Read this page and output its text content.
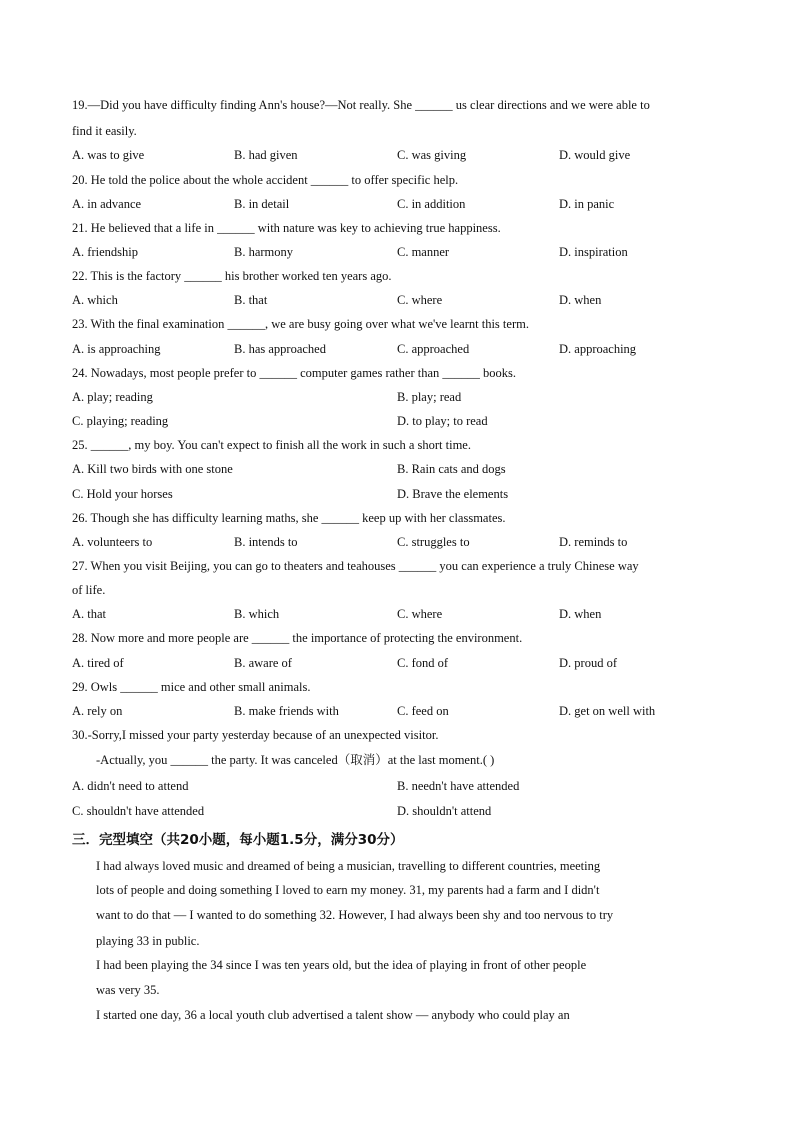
19.—Did you have difficulty finding Ann's house?—Not really. She ______ us clear directions and we were able to
find it easily.
A. was to give	B. had given	C. was giving	D. would give
20. He told the police about the whole accident ______ to offer specific help.
A. in advance	B. in detail	C. in addition	D. in panic
21. He believed that a life in ______ with nature was key to achieving true happiness.
A. friendship	B. harmony	C. manner	D. inspiration
22. This is the factory ______ his brother worked ten years ago.
A. which	B. that	C. where	D. when
23. With the final examination ______, we are busy going over what we've learnt this term.
A. is approaching	B. has approached	C. approached	D. approaching
24. Nowadays, most people prefer to ______ computer games rather than ______ books.
A. play; reading	B. play; read
C. playing; reading	D. to play; to read
25. ______, my boy. You can't expect to finish all the work in such a short time.
A. Kill two birds with one stone	B. Rain cats and dogs
C. Hold your horses	D. Brave the elements
26. Though she has difficulty learning maths, she ______ keep up with her classmates.
A. volunteers to	B. intends to	C. struggles to	D. reminds to
27. When you visit Beijing, you can go to theaters and teahouses ______ you can experience a truly Chinese way
of life.
A. that	B. which	C. where	D. when
28. Now more and more people are ______ the importance of protecting the environment.
A. tired of	B. aware of	C. fond of	D. proud of
29. Owls ______ mice and other small animals.
A. rely on	B. make friends with	C. feed on	D. get on well with
30.-Sorry,I missed your party yesterday because of an unexpected visitor.
-Actually, you ______ the party. It was canceled（取消）at the last moment.( )
A. didn't need to attend	B. needn't have attended
C. shouldn't have attended	D. shouldn't attend
三．完型填空（共20小题，每小题1.5分，满分30分）
I had always loved music and dreamed of being a musician, travelling to different countries, meeting
lots of people and doing something I loved to earn my money. 31, my parents had a farm and I didn't
want to do that — I wanted to do something 32. However, I had always been shy and too nervous to try
playing 33 in public.
I had been playing the 34 since I was ten years old, but the idea of playing in front of other people
was very 35.
I started one day, 36 a local youth club advertised a talent show — anybody who could play an
